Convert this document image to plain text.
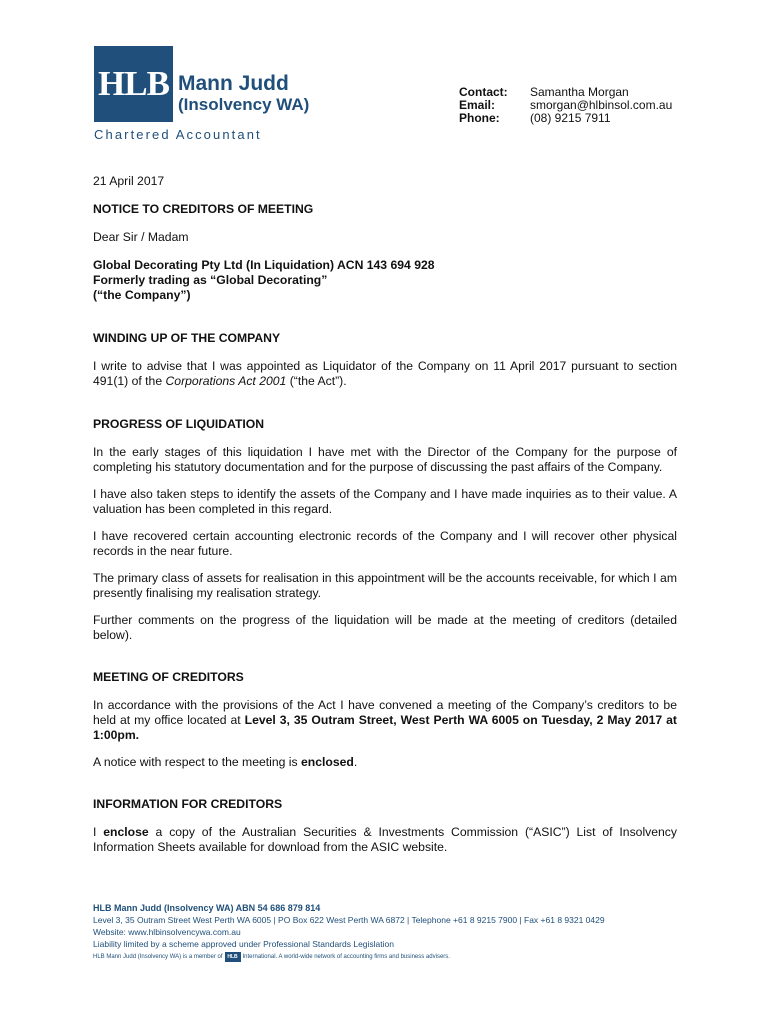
HLB Mann Judd
(Insolvency WA)
Chartered Accountant
Contact:	Samantha Morgan
Email:	smorgan@hlbinsol.com.au
Phone:	(08) 9215 7911

21 April 2017

NOTICE TO CREDITORS OF MEETING

Dear Sir / Madam

Global Decorating Pty Ltd (In Liquidation) ACN 143 694 928

Formerly trading as “Global Decorating”

(“the Company”)

WINDING UP OF THE COMPANY

I write to advise that I was appointed as Liquidator of the Company on 11 April 2017 pursuant to section 491(1) of the Corporations Act 2001 (“the Act”).

PROGRESS OF LIQUIDATION

In the early stages of this liquidation I have met with the Director of the Company for the purpose of completing his statutory documentation and for the purpose of discussing the past affairs of the Company.

I have also taken steps to identify the assets of the Company and I have made inquiries as to their value. A valuation has been completed in this regard.

I have recovered certain accounting electronic records of the Company and I will recover other physical records in the near future.

The primary class of assets for realisation in this appointment will be the accounts receivable, for which I am presently finalising my realisation strategy.

Further comments on the progress of the liquidation will be made at the meeting of creditors (detailed below).

MEETING OF CREDITORS

In accordance with the provisions of the Act I have convened a meeting of the Company’s creditors to be held at my office located at Level 3, 35 Outram Street, West Perth WA 6005 on Tuesday, 2 May 2017 at 1:00pm.

A notice with respect to the meeting is enclosed.

INFORMATION FOR CREDITORS

I enclose a copy of the Australian Securities & Investments Commission (“ASIC”) List of Insolvency Information Sheets available for download from the ASIC website.

HLB Mann Judd (Insolvency WA) ABN 54 686 879 814
Level 3, 35 Outram Street West Perth WA 6005 | PO Box 622 West Perth WA 6872 | Telephone +61 8 9215 7900 | Fax +61 8 9321 0429
Website: www.hlbinsolvencywa.com.au
Liability limited by a scheme approved under Professional Standards Legislation
HLB Mann Judd (Insolvency WA) is a member of HLB International. A world-wide network of accounting firms and business advisers.
